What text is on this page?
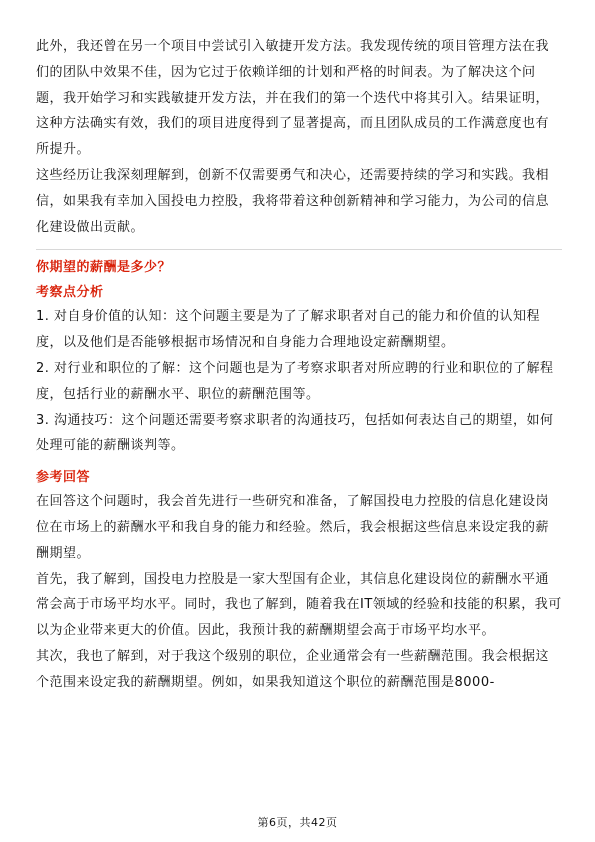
此外，我还曾在另一个项目中尝试引入敏捷开发方法。我发现传统的项目管理方法在我们的团队中效果不佳，因为它过于依赖详细的计划和严格的时间表。为了解决这个问题，我开始学习和实践敏捷开发方法，并在我们的第一个迭代中将其引入。结果证明，这种方法确实有效，我们的项目进度得到了显著提高，而且团队成员的工作满意度也有所提升。

这些经历让我深刻理解到，创新不仅需要勇气和决心，还需要持续的学习和实践。我相信，如果我有幸加入国投电力控股，我将带着这种创新精神和学习能力，为公司的信息化建设做出贡献。

你期望的薪酬是多少？
考察点分析

1. 对自身价值的认知：这个问题主要是为了了解求职者对自己的能力和价值的认知程度，以及他们是否能够根据市场情况和自身能力合理地设定薪酬期望。

2. 对行业和职位的了解：这个问题也是为了考察求职者对所应聘的行业和职位的了解程度，包括行业的薪酬水平、职位的薪酬范围等。

3. 沟通技巧：这个问题还需要考察求职者的沟通技巧，包括如何表达自己的期望，如何处理可能的薪酬谈判等。

参考回答

在回答这个问题时，我会首先进行一些研究和准备，了解国投电力控股的信息化建设岗位在市场上的薪酬水平和我自身的能力和经验。然后，我会根据这些信息来设定我的薪酬期望。

首先，我了解到，国投电力控股是一家大型国有企业，其信息化建设岗位的薪酬水平通常会高于市场平均水平。同时，我也了解到，随着我在IT领域的经验和技能的积累，我可以为企业带来更大的价值。因此，我预计我的薪酬期望会高于市场平均水平。

其次，我也了解到，对于我这个级别的职位，企业通常会有一些薪酬范围。我会根据这个范围来设定我的薪酬期望。例如，如果我知道这个职位的薪酬范围是8000-

第6页，共42页
